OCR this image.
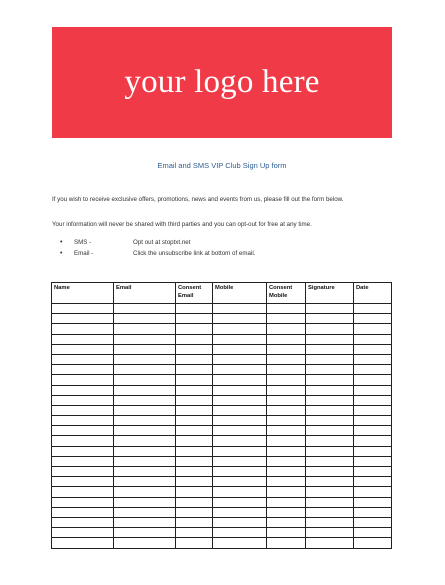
your logo here
Email and SMS VIP Club Sign Up form
If you wish to receive exclusive offers, promotions, news and events from us, please fill out the form below.
Your information will never be shared with third parties and you can opt-out for free at any time.
•	SMS -	Opt out at stoptxt.net
•	Email -	Click the unsubscribe link at bottom of email.
Name	Email	Consent Email	Mobile	Consent Mobile	Signature	Date
